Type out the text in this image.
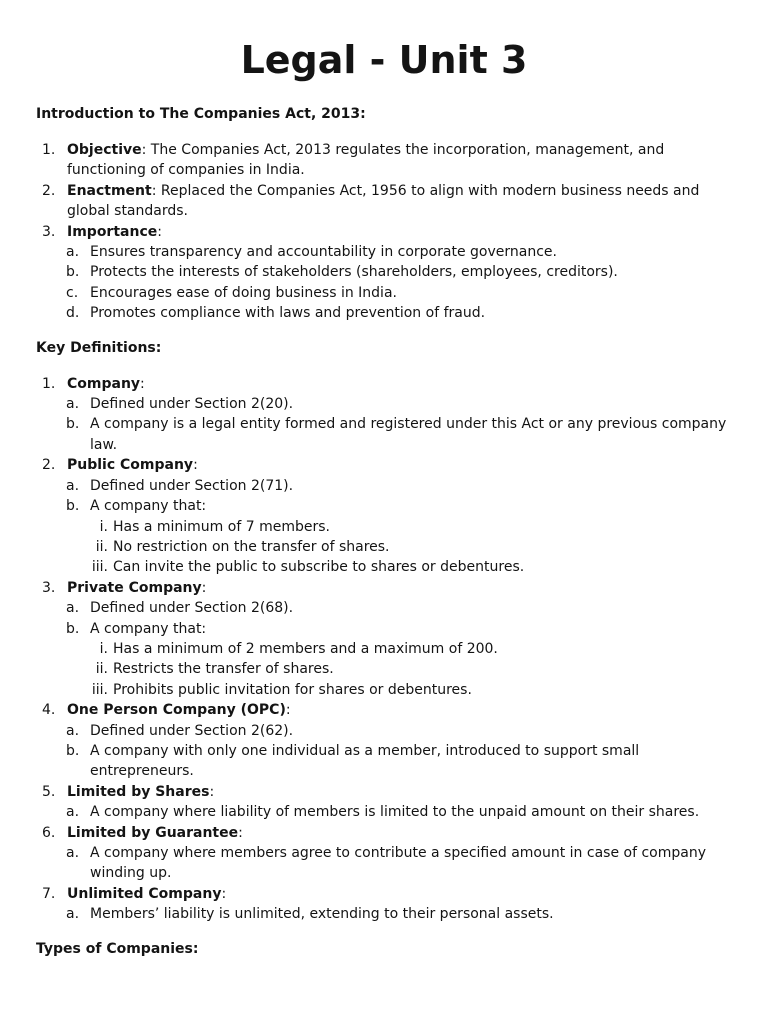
Legal - Unit 3

Introduction to The Companies Act, 2013:

1. Objective: The Companies Act, 2013 regulates the incorporation, management, and functioning of companies in India.
2. Enactment: Replaced the Companies Act, 1956 to align with modern business needs and global standards.
3. Importance:
a. Ensures transparency and accountability in corporate governance.
b. Protects the interests of stakeholders (shareholders, employees, creditors).
c. Encourages ease of doing business in India.
d. Promotes compliance with laws and prevention of fraud.

Key Definitions:

1. Company:
a. Defined under Section 2(20).
b. A company is a legal entity formed and registered under this Act or any previous company law.
2. Public Company:
a. Defined under Section 2(71).
b. A company that:
i. Has a minimum of 7 members.
ii. No restriction on the transfer of shares.
iii. Can invite the public to subscribe to shares or debentures.
3. Private Company:
a. Defined under Section 2(68).
b. A company that:
i. Has a minimum of 2 members and a maximum of 200.
ii. Restricts the transfer of shares.
iii. Prohibits public invitation for shares or debentures.
4. One Person Company (OPC):
a. Defined under Section 2(62).
b. A company with only one individual as a member, introduced to support small entrepreneurs.
5. Limited by Shares:
a. A company where liability of members is limited to the unpaid amount on their shares.
6. Limited by Guarantee:
a. A company where members agree to contribute a specified amount in case of company winding up.
7. Unlimited Company:
a. Members’ liability is unlimited, extending to their personal assets.

Types of Companies:
